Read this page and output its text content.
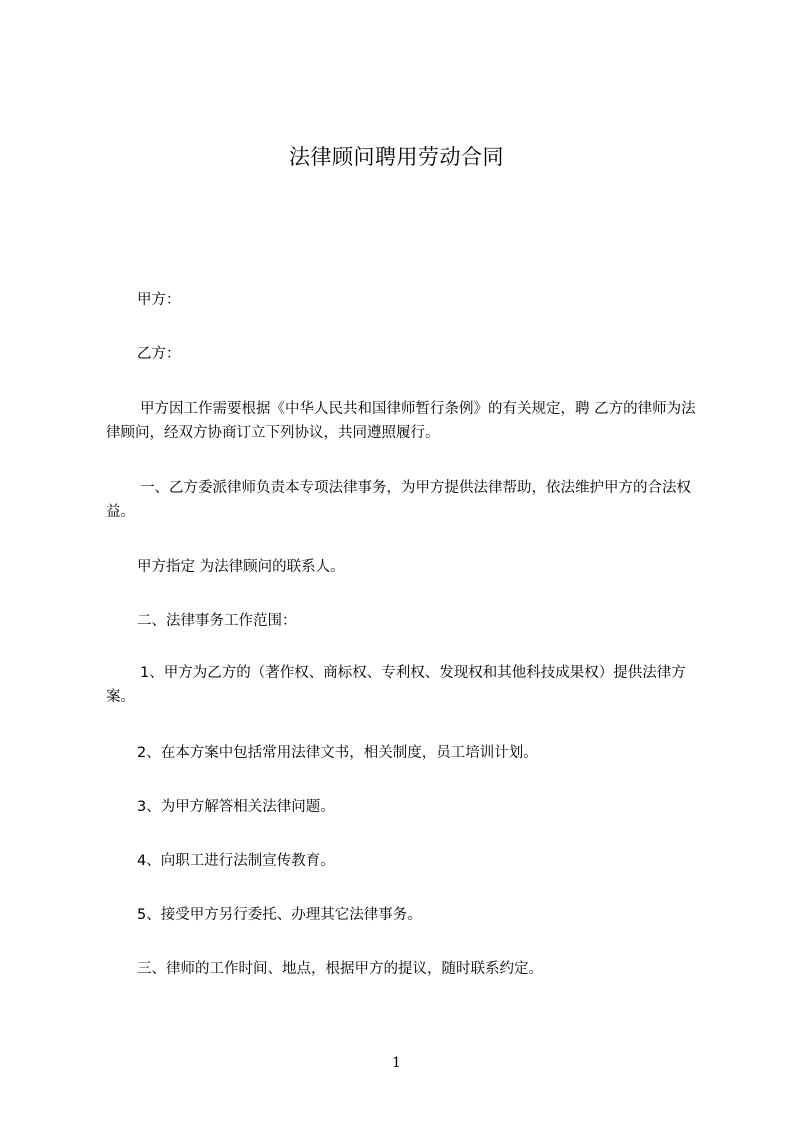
法律顾问聘用劳动合同
甲方：
乙方：
甲方因工作需要根据《中华人民共和国律师暂行条例》的有关规定，聘 乙方的律师为法律顾问，经双方协商订立下列协议，共同遵照履行。
一、乙方委派律师负责本专项法律事务，为甲方提供法律帮助，依法维护甲方的合法权益。
甲方指定 为法律顾问的联系人。
二、法律事务工作范围：
1、甲方为乙方的（著作权、商标权、专利权、发现权和其他科技成果权）提供法律方案。
2、在本方案中包括常用法律文书，相关制度，员工培训计划。
3、为甲方解答相关法律问题。
4、向职工进行法制宣传教育。
5、接受甲方另行委托、办理其它法律事务。
三、律师的工作时间、地点，根据甲方的提议，随时联系约定。
1
